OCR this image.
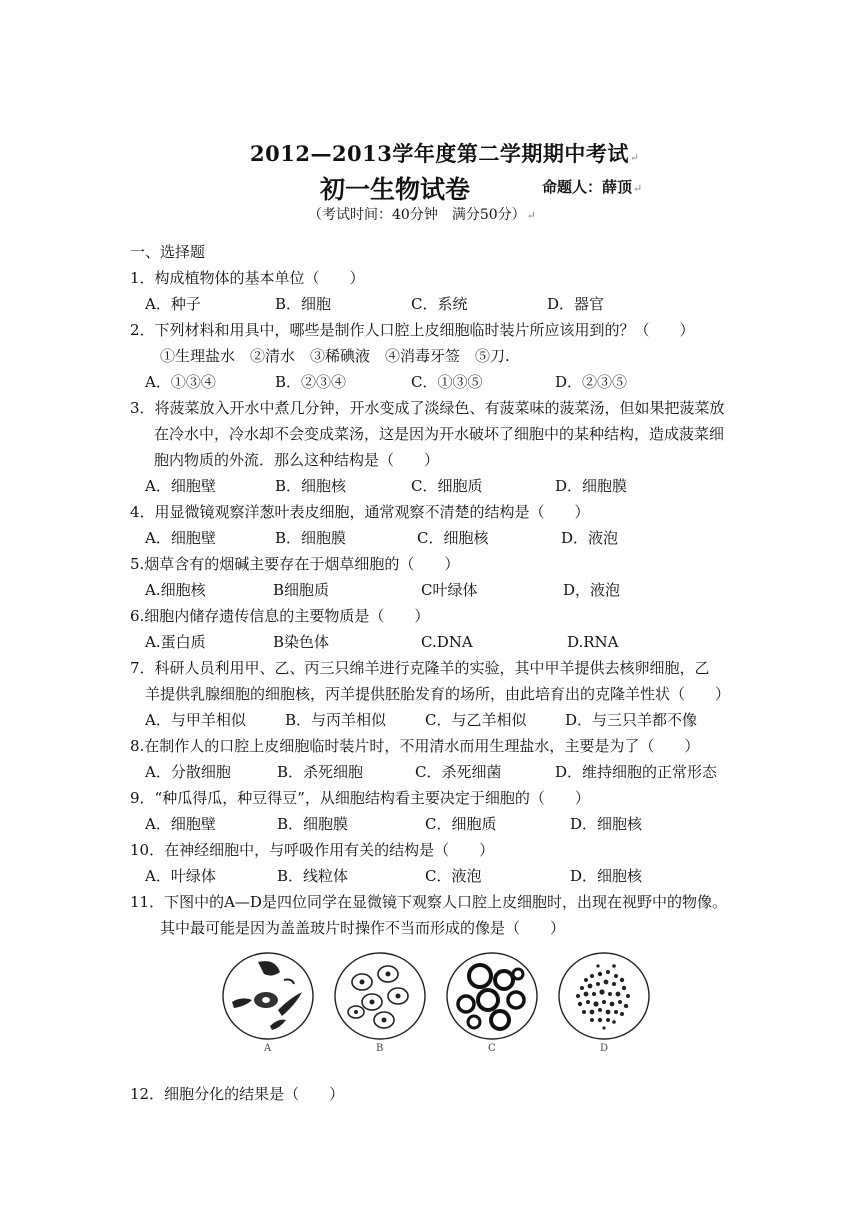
2012—2013学年度第二学期期中考试↵
初一生物试卷	命题人：薛顶↵
（考试时间：40分钟　满分50分）↵
一、选择题
1．构成植物体的基本单位（　　）
A．种子	B．细胞	C．系统	D．器官
2．下列材料和用具中，哪些是制作人口腔上皮细胞临时装片所应该用到的？（　　）
①生理盐水　②清水　③稀碘液　④消毒牙签　⑤刀.
A．①③④	B．②③④	C．①③⑤	D．②③⑤
3．将菠菜放入开水中煮几分钟，开水变成了淡绿色、有菠菜味的菠菜汤，但如果把菠菜放
在冷水中，冷水却不会变成菜汤，这是因为开水破坏了细胞中的某种结构，造成菠菜细
胞内物质的外流．那么这种结构是（　　）
A．细胞壁	B．细胞核	C．细胞质	D．细胞膜
4．用显微镜观察洋葱叶表皮细胞，通常观察不清楚的结构是（　　）
A．细胞壁	B．细胞膜	C．细胞核	D．液泡
5.烟草含有的烟碱主要存在于烟草细胞的（　　）
A.细胞核	B细胞质	C叶绿体	D，液泡
6.细胞内储存遗传信息的主要物质是（　　）
A.蛋白质	B染色体	C.DNA	D.RNA
7．科研人员利用甲、乙、丙三只绵羊进行克隆羊的实验，其中甲羊提供去核卵细胞，乙
羊提供乳腺细胞的细胞核，丙羊提供胚胎发育的场所，由此培育出的克隆羊性状（　　）
A．与甲羊相似	B．与丙羊相似	C．与乙羊相似	D．与三只羊都不像
8.在制作人的口腔上皮细胞临时装片时，不用清水而用生理盐水，主要是为了（　　）
A．分散细胞	B．杀死细胞	C．杀死细菌	D．维持细胞的正常形态
9．“种瓜得瓜，种豆得豆”，从细胞结构看主要决定于细胞的（　　）
A．细胞壁	B．细胞膜	C．细胞质	D．细胞核
10．在神经细胞中，与呼吸作用有关的结构是（　　）
A．叶绿体	B．线粒体	C．液泡	D．细胞核
11．下图中的A—D是四位同学在显微镜下观察人口腔上皮细胞时，出现在视野中的物像。
其中最可能是因为盖盖玻片时操作不当而形成的像是（　　）
A	B	C	D
12．细胞分化的结果是（　　）
